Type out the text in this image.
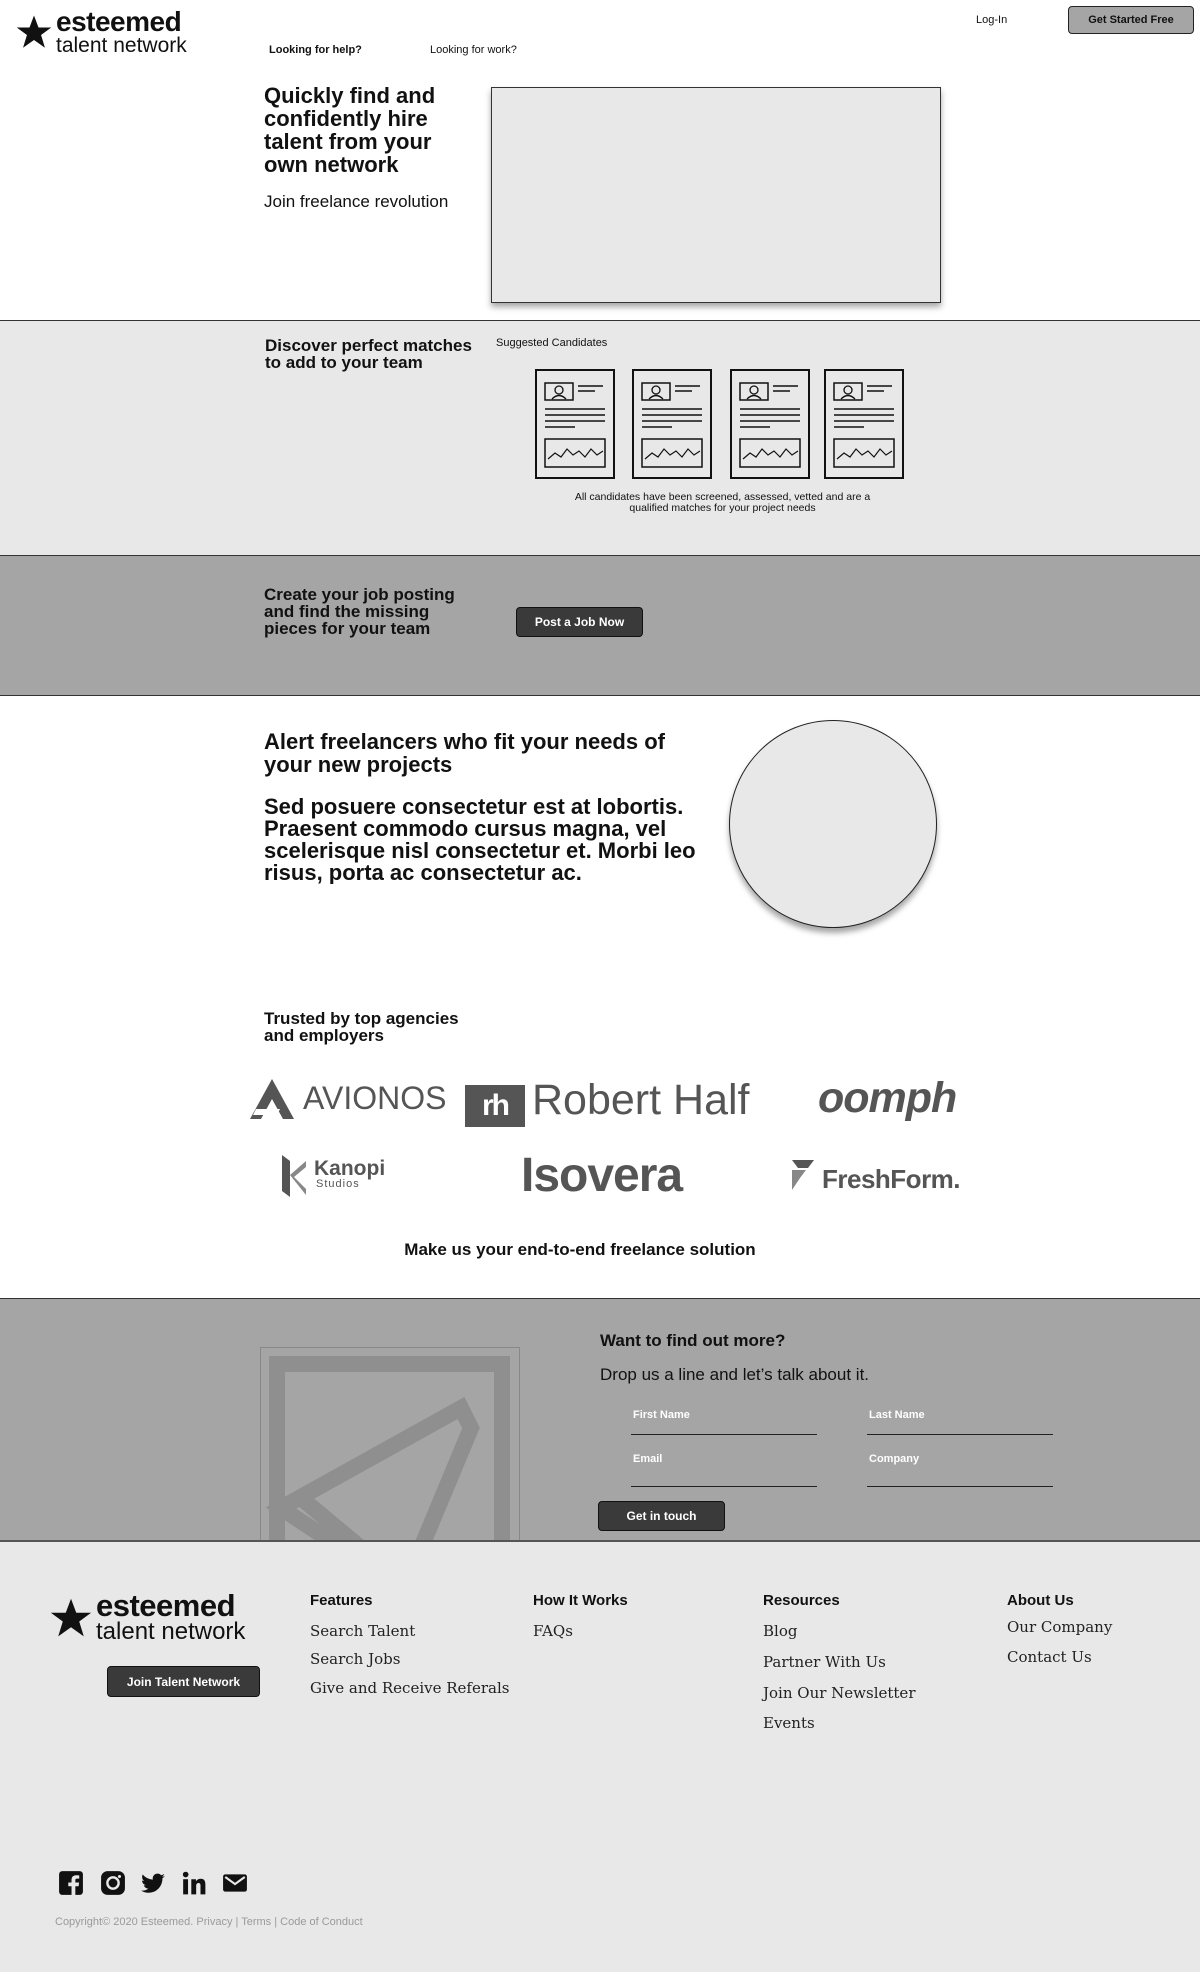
esteemed
talent network
Log-In	Get Started Free
Looking for help?	Looking for work?
Quickly find and confidently hire talent from your own network
Join freelance revolution
Discover perfect matches to add to your team
Suggested Candidates
All candidates have been screened, assessed, vetted and are a qualified matches for your project needs
Create your job posting and find the missing pieces for your team	Post a Job Now
Alert freelancers who fit your needs of your new projects
Sed posuere consectetur est at lobortis. Praesent commodo cursus magna, vel scelerisque nisl consectetur et. Morbi leo risus, porta ac consectetur ac.
Trusted by top agencies and employers
AVIONOS	rh Robert Half oomph
Kanopi
Studios	Isovera	FreshForm.
Make us your end-to-end freelance solution
Want to find out more?
Drop us a line and let’s talk about it.
First Name	Last Name
Email	Company
Get in touch
esteemed
talent network
Join Talent Network
Features
Search Talent
Search Jobs
Give and Receive Referals
How It Works
FAQs
Resources
Blog
Partner With Us
Join Our Newsletter
Events
About Us
Our Company
Contact Us
Copyright© 2020 Esteemed. Privacy | Terms | Code of Conduct
